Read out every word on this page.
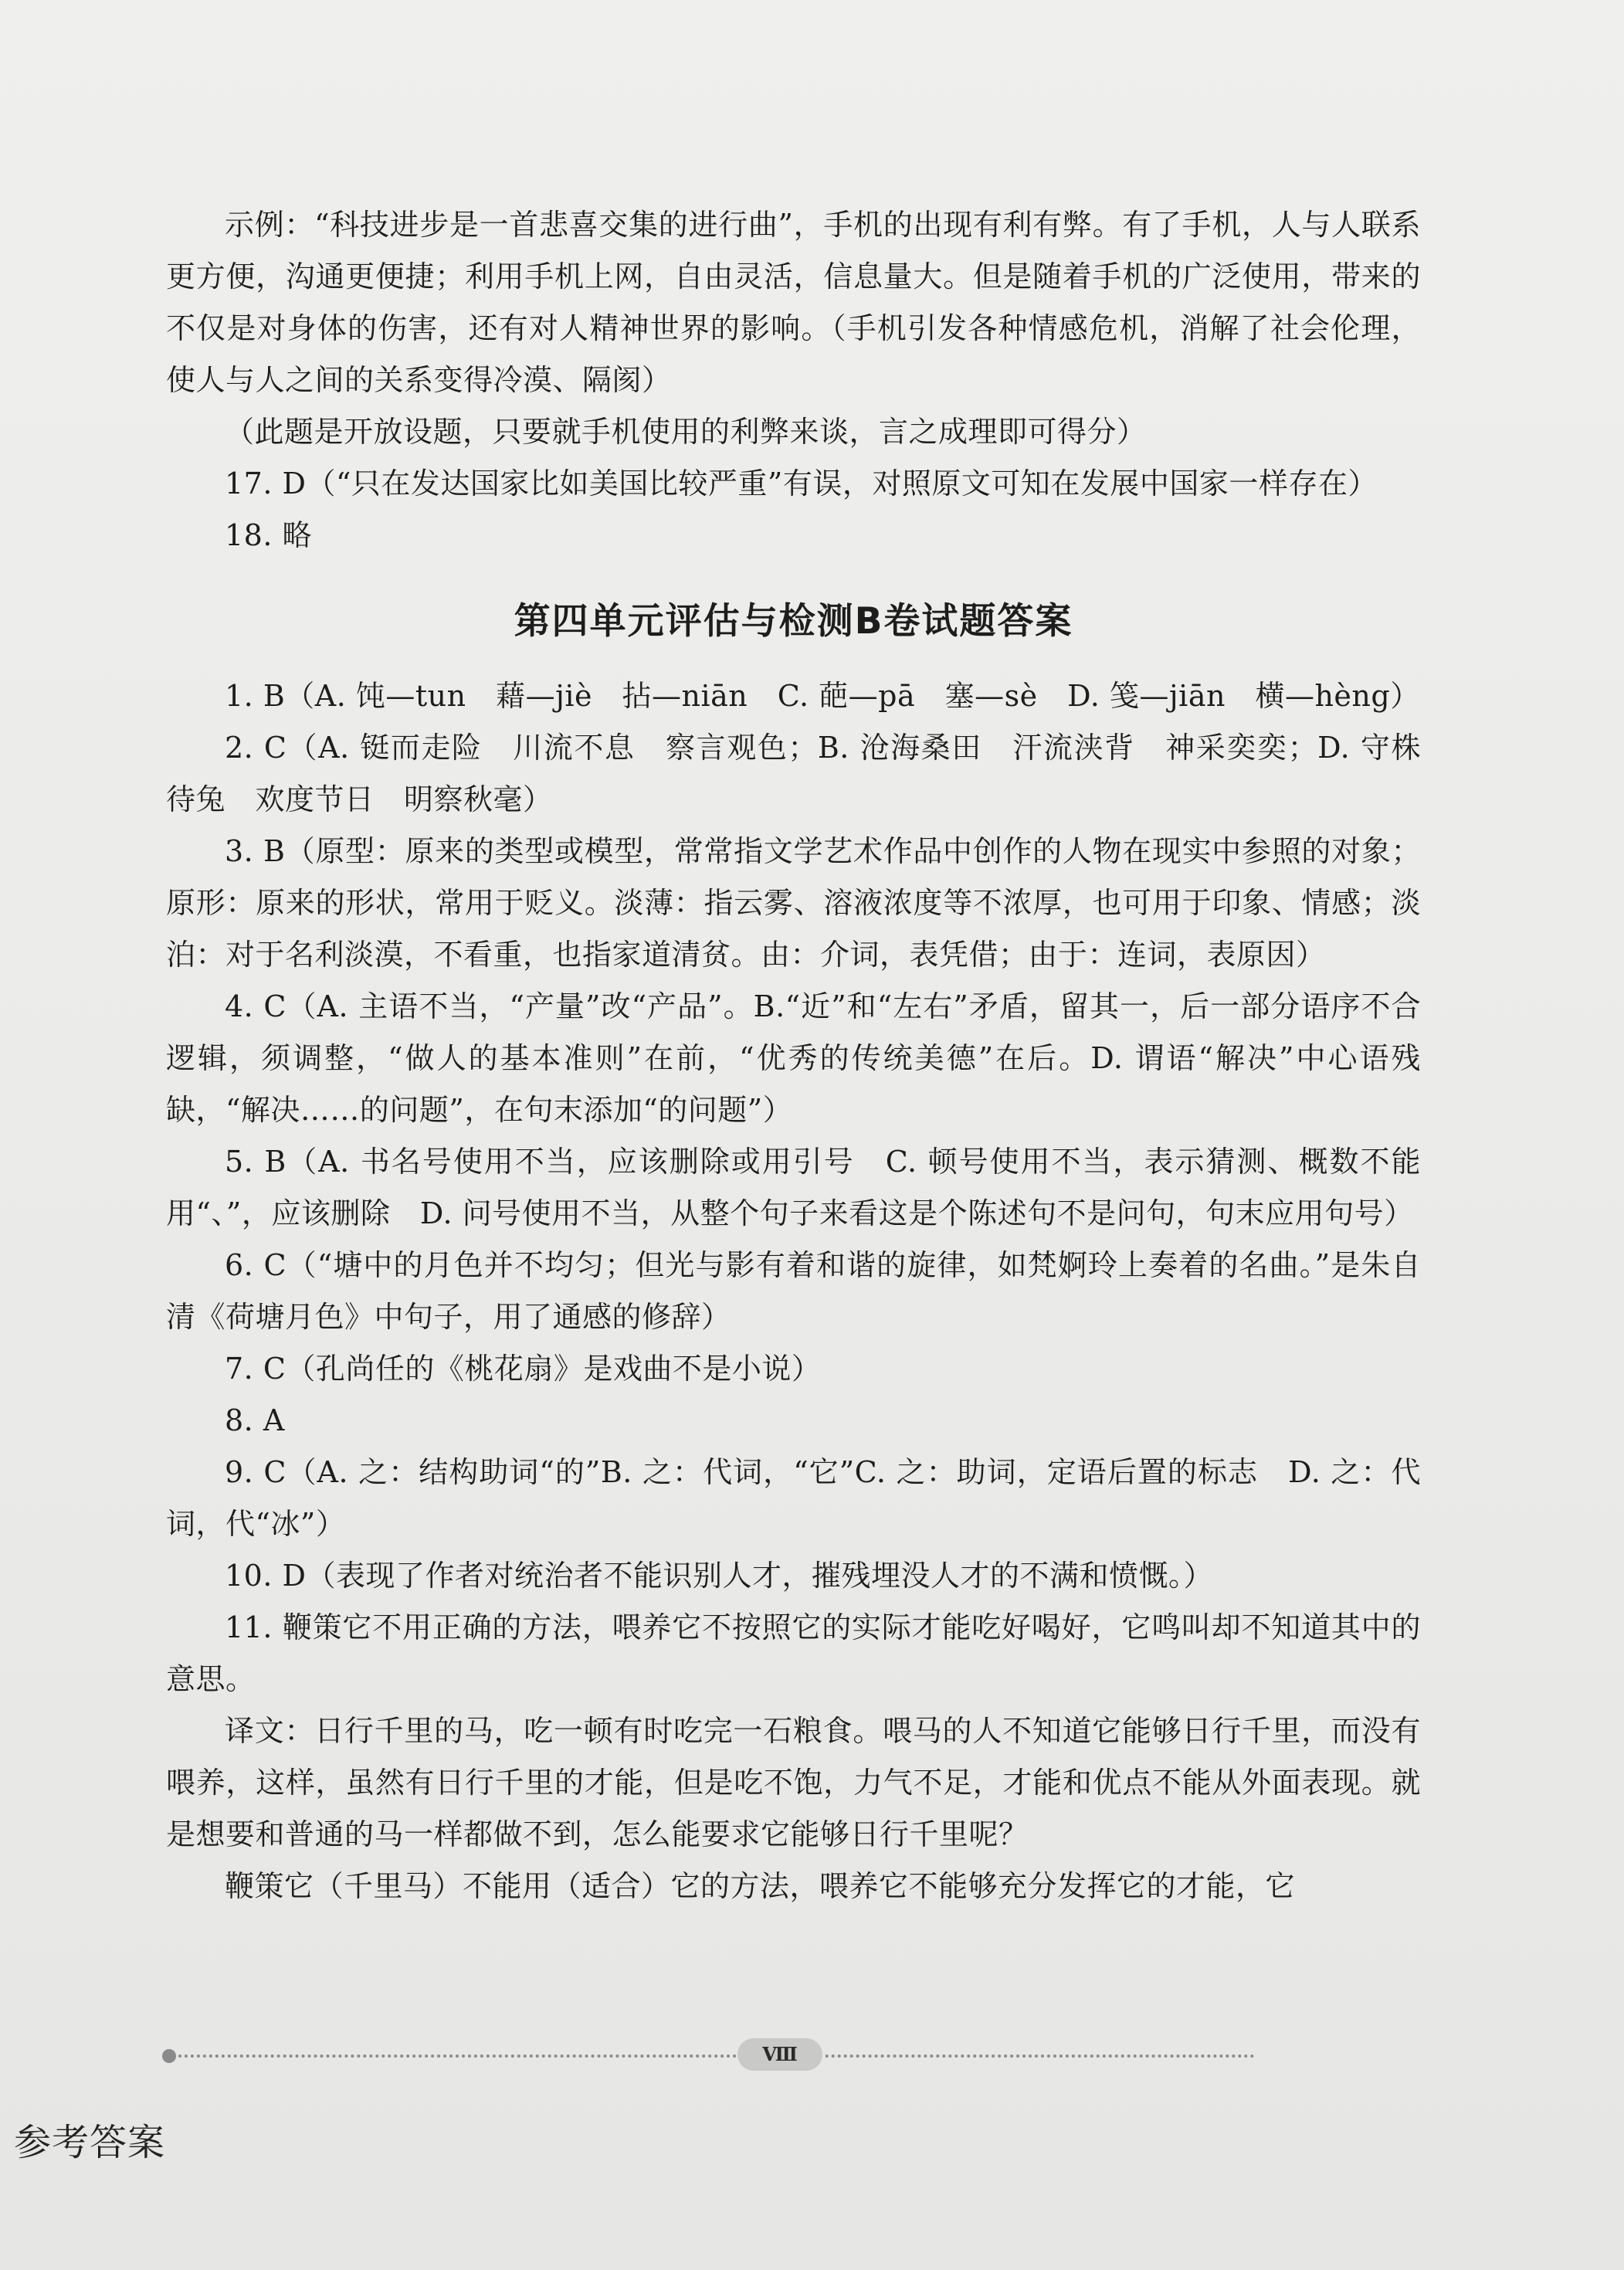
示例：“科技进步是一首悲喜交集的进行曲”，手机的出现有利有弊。有了手机，人与人联系更方便，沟通更便捷；利用手机上网，自由灵活，信息量大。但是随着手机的广泛使用，带来的不仅是对身体的伤害，还有对人精神世界的影响。（手机引发各种情感危机，消解了社会伦理，使人与人之间的关系变得冷漠、隔阂）

（此题是开放设题，只要就手机使用的利弊来谈，言之成理即可得分）

17. D（“只在发达国家比如美国比较严重”有误，对照原文可知在发展中国家一样存在）

18. 略

第四单元评估与检测B卷试题答案

1. B（A. 饨—tun　藉—jiè　拈—niān　C. 葩—pā　塞—sè　D. 笺—jiān　横—hèng）

2. C（A. 铤而走险　川流不息　察言观色；B. 沧海桑田　汗流浃背　神采奕奕；D. 守株待兔　欢度节日　明察秋毫）

3. B（原型：原来的类型或模型，常常指文学艺术作品中创作的人物在现实中参照的对象；原形：原来的形状，常用于贬义。淡薄：指云雾、溶液浓度等不浓厚，也可用于印象、情感；淡泊：对于名利淡漠，不看重，也指家道清贫。由：介词，表凭借；由于：连词，表原因）

4. C（A. 主语不当，“产量”改“产品”。B.“近”和“左右”矛盾，留其一，后一部分语序不合逻辑，须调整，“做人的基本准则”在前，“优秀的传统美德”在后。D. 谓语“解决”中心语残缺，“解决……的问题”，在句末添加“的问题”）

5. B（A. 书名号使用不当，应该删除或用引号　C. 顿号使用不当，表示猜测、概数不能用“、”，应该删除　D. 问号使用不当，从整个句子来看这是个陈述句不是问句，句末应用句号）

6. C（“塘中的月色并不均匀；但光与影有着和谐的旋律，如梵婀玲上奏着的名曲。”是朱自清《荷塘月色》中句子，用了通感的修辞）

7. C（孔尚任的《桃花扇》是戏曲不是小说）

8. A

9. C（A. 之：结构助词“的”B. 之：代词，“它”C. 之：助词，定语后置的标志　D. 之：代词，代“冰”）

10. D（表现了作者对统治者不能识别人才，摧残埋没人才的不满和愤慨。）

11. 鞭策它不用正确的方法，喂养它不按照它的实际才能吃好喝好，它鸣叫却不知道其中的意思。

译文：日行千里的马，吃一顿有时吃完一石粮食。喂马的人不知道它能够日行千里，而没有喂养，这样，虽然有日行千里的才能，但是吃不饱，力气不足，才能和优点不能从外面表现。就是想要和普通的马一样都做不到，怎么能要求它能够日行千里呢？

鞭策它（千里马）不能用（适合）它的方法，喂养它不能够充分发挥它的才能，它

Ⅷ
参考答案
